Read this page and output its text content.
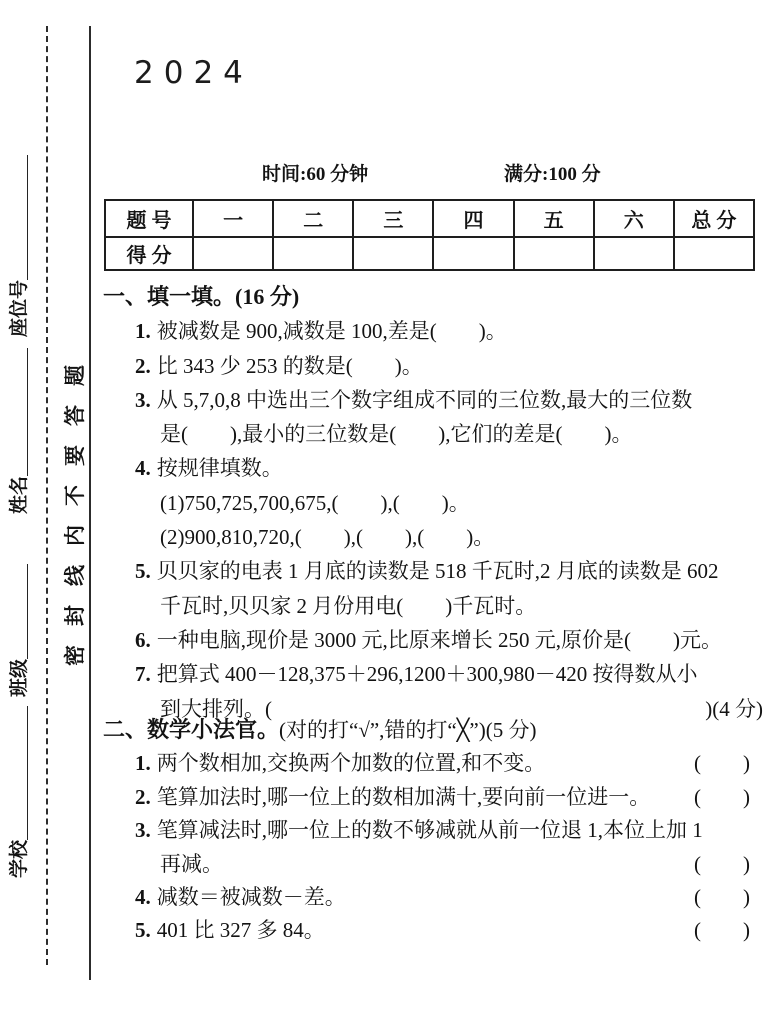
学校
班级
姓名
座位号
密封线内不要答题
2024
时间:60 分钟	满分:100 分
题 号	一	二	三	四	五	六	总 分
得 分							
一、填一填。(16 分)
1. 被减数是 900,减数是 100,差是(　　)。
2. 比 343 少 253 的数是(　　)。
3. 从 5,7,0,8 中选出三个数字组成不同的三位数,最大的三位数
是(　　),最小的三位数是(　　),它们的差是(　　)。
4. 按规律填数。
(1)750,725,700,675,(　　),(　　)。
(2)900,810,720,(　　),(　　),(　　)。
5. 贝贝家的电表 1 月底的读数是 518 千瓦时,2 月底的读数是 602
千瓦时,贝贝家 2 月份用电(　　)千瓦时。
6. 一种电脑,现价是 3000 元,比原来增长 250 元,原价是(　　)元。
7. 把算式 400－128,375＋296,1200＋300,980－420 按得数从小
到大排列。(	)(4 分)
二、数学小法官。(对的打“√”,错的打“╳”)(5 分)
1. 两个数相加,交换两个加数的位置,和不变。	(　　)
2. 笔算加法时,哪一位上的数相加满十,要向前一位进一。 (　　)
3. 笔算减法时,哪一位上的数不够减就从前一位退 1,本位上加 1
再减。	(　　)
4. 减数＝被减数－差。	(　　)
5. 401 比 327 多 84。	(　　)
